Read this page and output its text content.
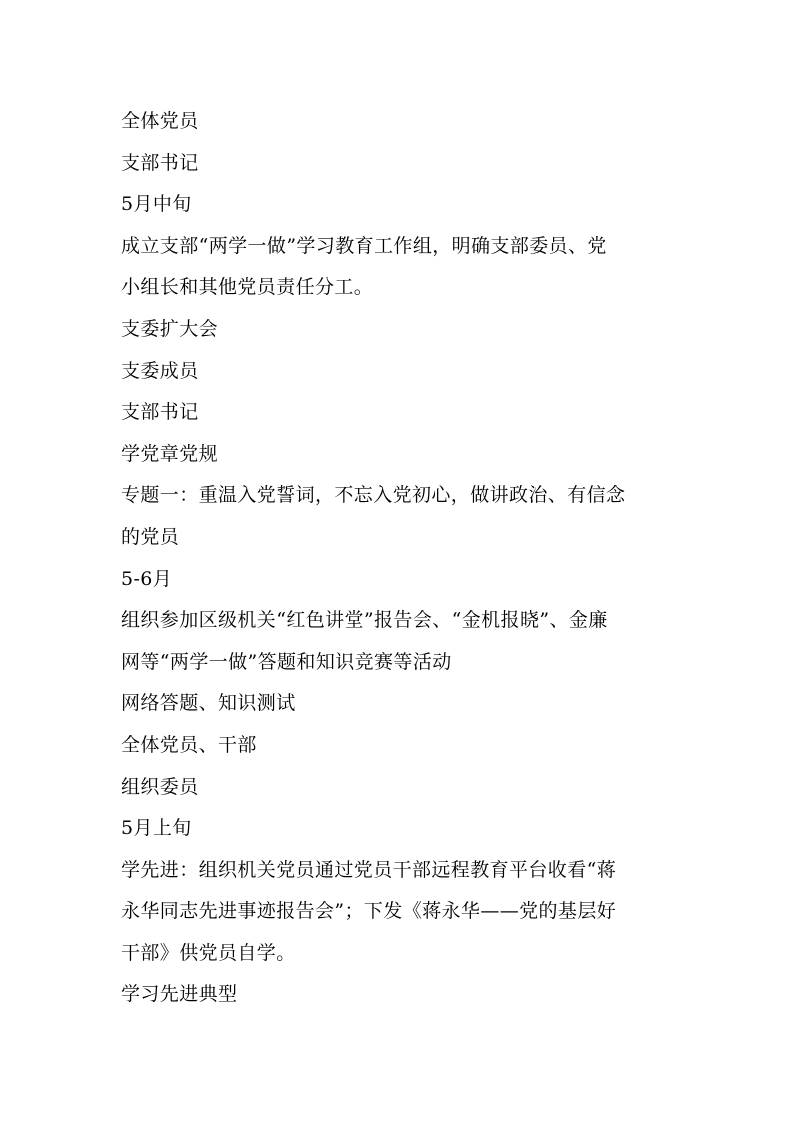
全体党员
支部书记
5月中旬
成立支部“两学一做”学习教育工作组，明确支部委员、党
小组长和其他党员责任分工。
支委扩大会
支委成员
支部书记
学党章党规
专题一：重温入党誓词，不忘入党初心，做讲政治、有信念
的党员
5-6月
组织参加区级机关“红色讲堂”报告会、“金机报晓”、金廉
网等“两学一做”答题和知识竞赛等活动
网络答题、知识测试
全体党员、干部
组织委员
5月上旬
学先进：组织机关党员通过党员干部远程教育平台收看“蒋
永华同志先进事迹报告会”；下发《蒋永华——党的基层好
干部》供党员自学。
学习先进典型
